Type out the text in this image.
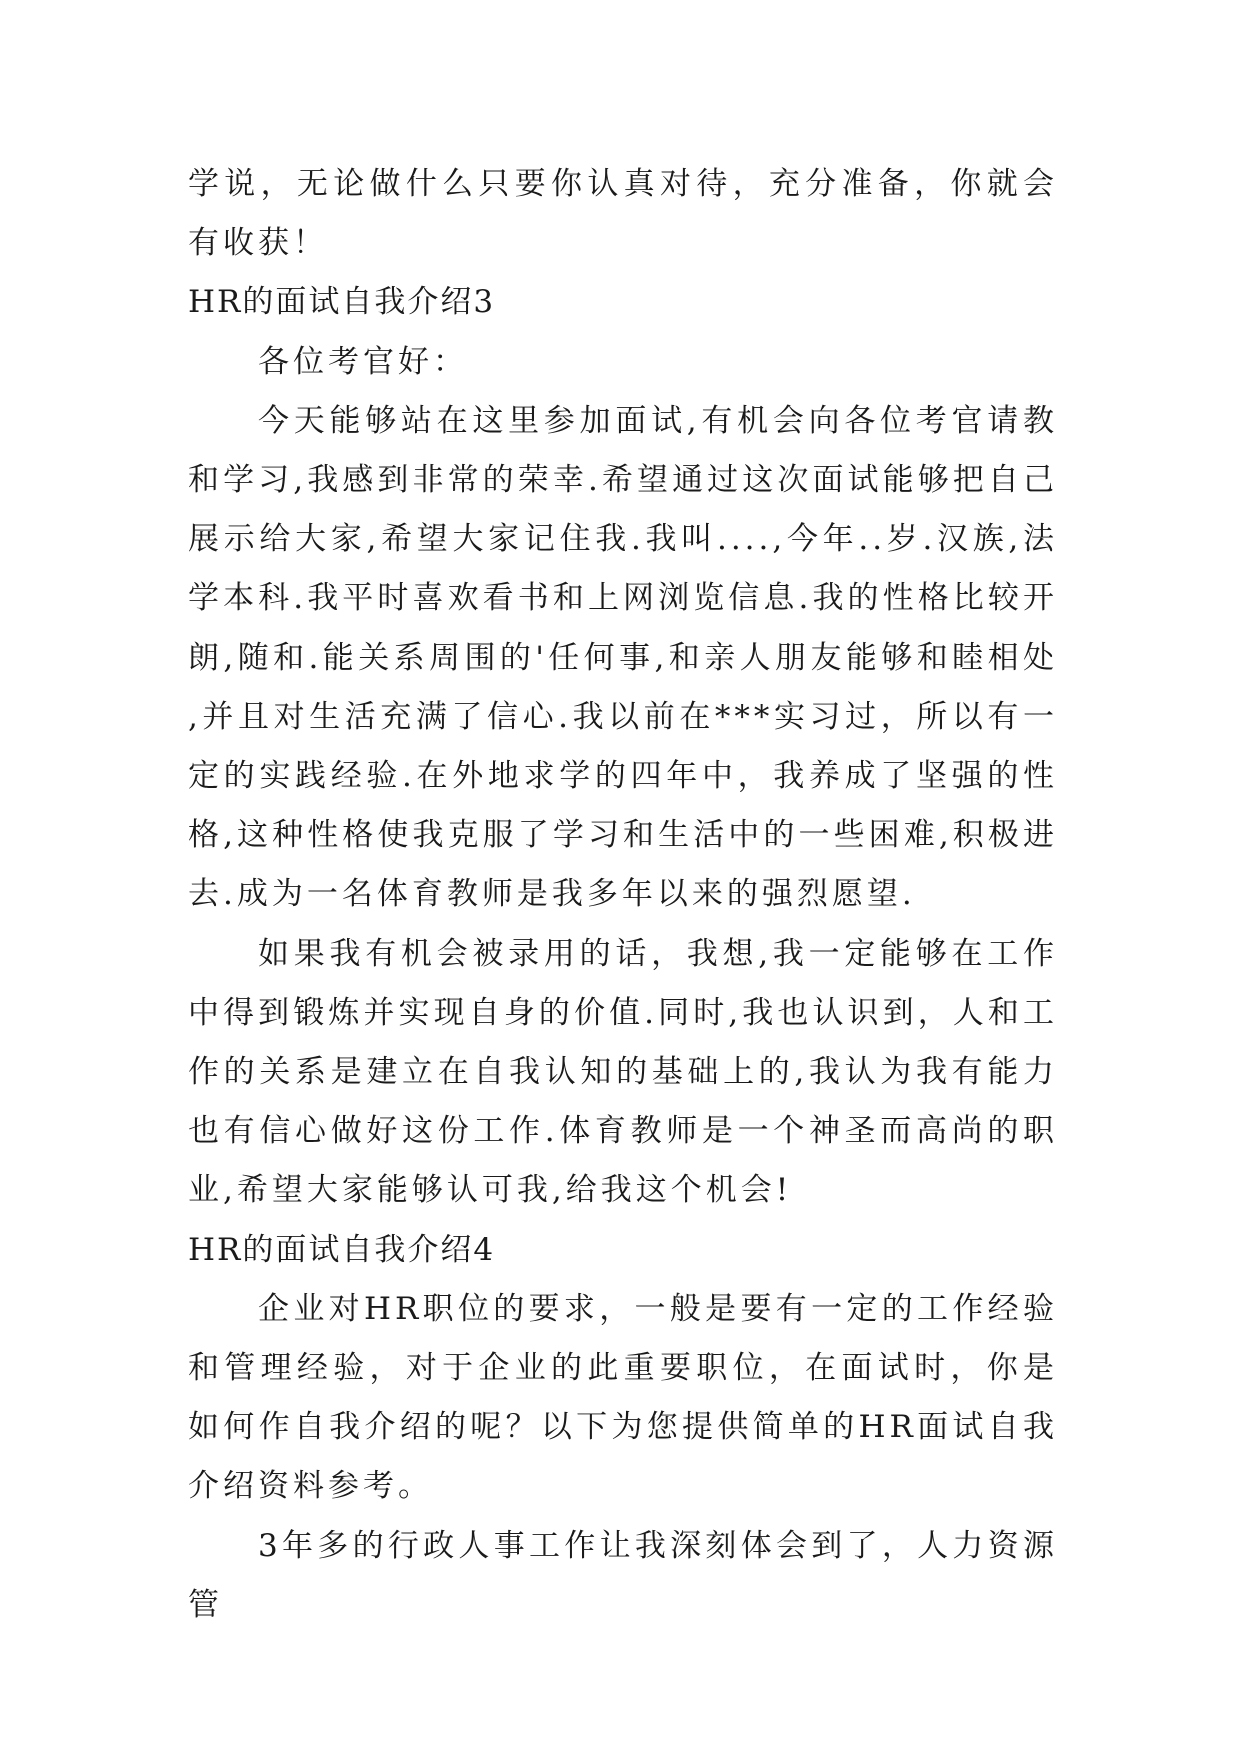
学说，无论做什么只要你认真对待，充分准备，你就会有收获！

HR的面试自我介绍3

各位考官好：

今天能够站在这里参加面试,有机会向各位考官请教和学习,我感到非常的荣幸.希望通过这次面试能够把自己展示给大家,希望大家记住我.我叫....,今年..岁.汉族,法学本科.我平时喜欢看书和上网浏览信息.我的性格比较开朗,随和.能关系周围的'任何事,和亲人朋友能够和睦相处,并且对生活充满了信心.我以前在***实习过，所以有一定的实践经验.在外地求学的四年中，我养成了坚强的性格,这种性格使我克服了学习和生活中的一些困难,积极进去.成为一名体育教师是我多年以来的强烈愿望.

如果我有机会被录用的话，我想,我一定能够在工作中得到锻炼并实现自身的价值.同时,我也认识到，人和工作的关系是建立在自我认知的基础上的,我认为我有能力也有信心做好这份工作.体育教师是一个神圣而高尚的职业,希望大家能够认可我,给我这个机会!

HR的面试自我介绍4

企业对HR职位的要求，一般是要有一定的工作经验和管理经验，对于企业的此重要职位，在面试时，你是如何作自我介绍的呢？以下为您提供简单的HR面试自我介绍资料参考。

3年多的行政人事工作让我深刻体会到了，人力资源管
